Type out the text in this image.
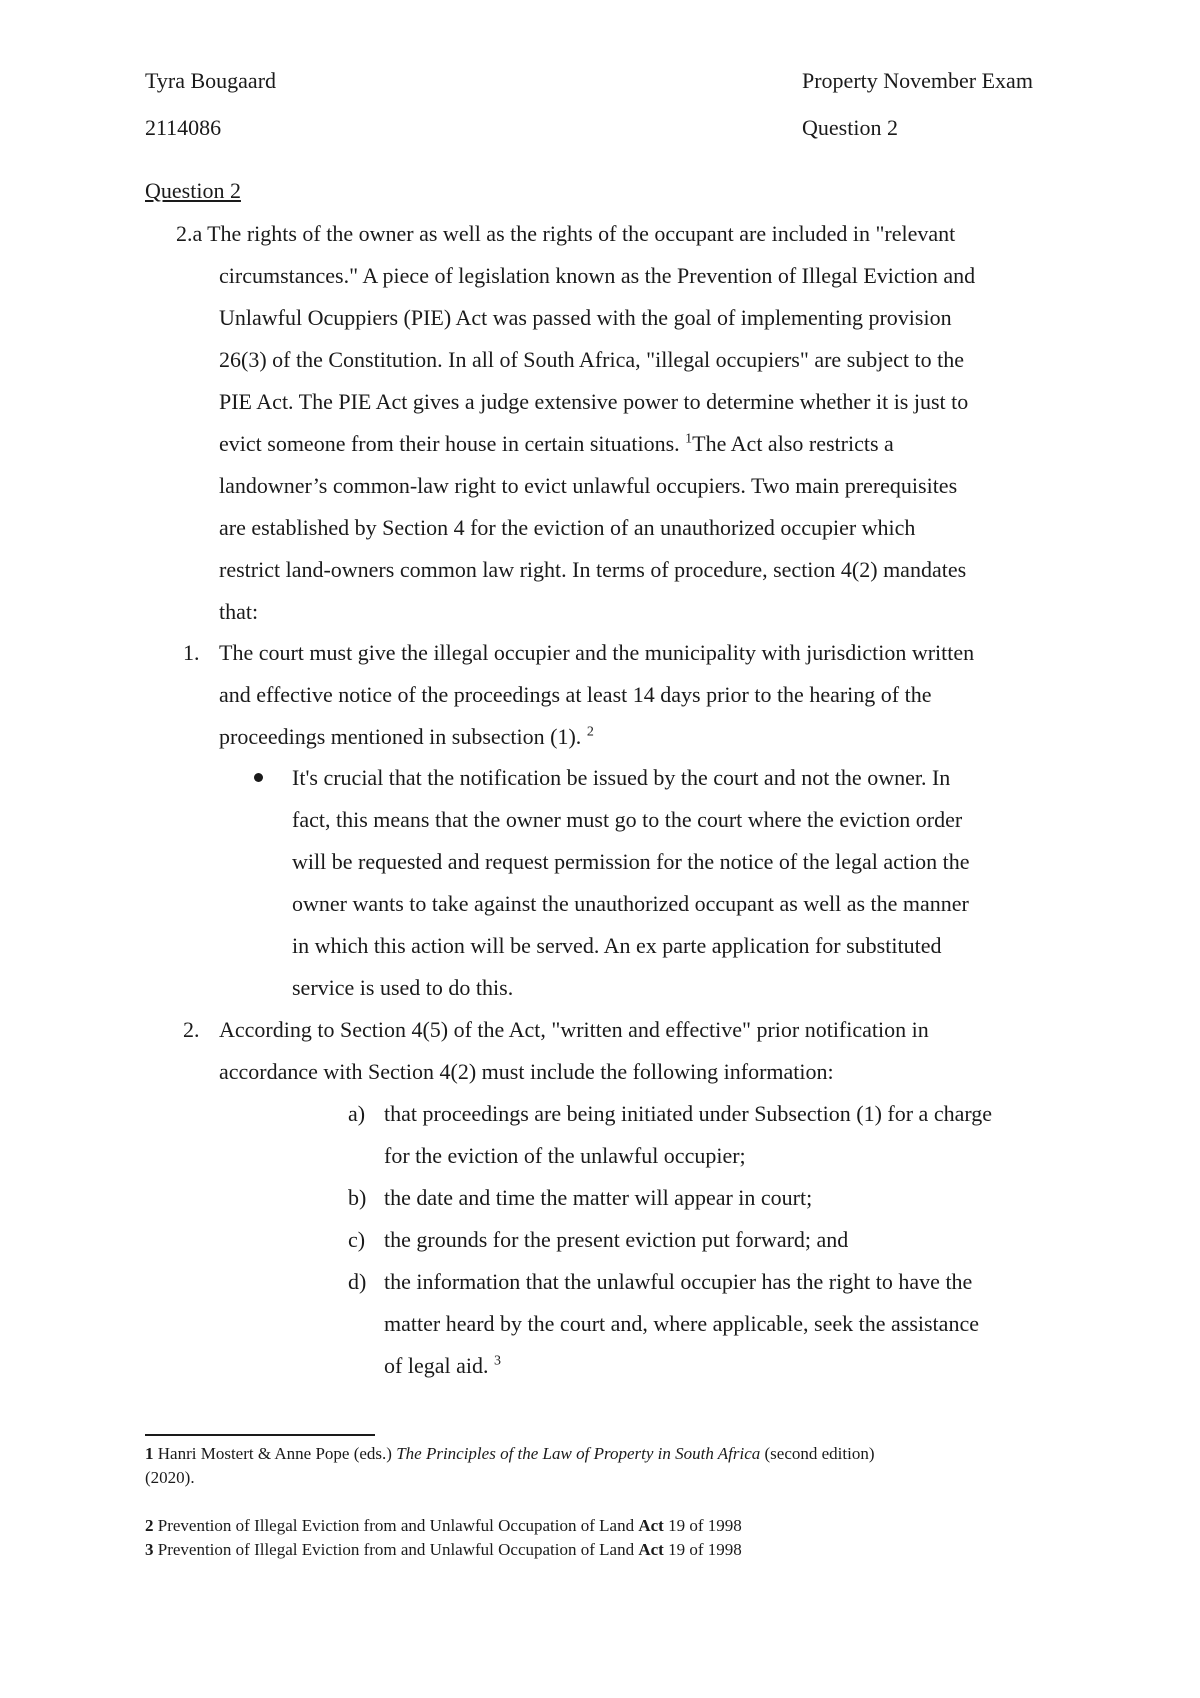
Tyra Bougaard
2114086
Property November Exam
Question 2
Question 2
2.a The rights of the owner as well as the rights of the occupant are included in "relevant
circumstances." A piece of legislation known as the Prevention of Illegal Eviction and
Unlawful Ocuppiers (PIE) Act was passed with the goal of implementing provision
26(3) of the Constitution. In all of South Africa, "illegal occupiers" are subject to the
PIE Act. The PIE Act gives a judge extensive power to determine whether it is just to
evict someone from their house in certain situations. $^1$The Act also restricts a
landowner’s common-law right to evict unlawful occupiers. Two main prerequisites
are established by Section 4 for the eviction of an unauthorized occupier which
restrict land-owners common law right. In terms of procedure, section 4(2) mandates
that:
1. The court must give the illegal occupier and the municipality with jurisdiction written
and effective notice of the proceedings at least 14 days prior to the hearing of the
proceedings mentioned in subsection (1). $^2$
It's crucial that the notification be issued by the court and not the owner. In
fact, this means that the owner must go to the court where the eviction order
will be requested and request permission for the notice of the legal action the
owner wants to take against the unauthorized occupant as well as the manner
in which this action will be served. An ex parte application for substituted
service is used to do this.
2. According to Section 4(5) of the Act, "written and effective" prior notification in
accordance with Section 4(2) must include the following information:
a) that proceedings are being initiated under Subsection (1) for a charge
for the eviction of the unlawful occupier;
b) the date and time the matter will appear in court;
c) the grounds for the present eviction put forward; and
d) the information that the unlawful occupier has the right to have the
matter heard by the court and, where applicable, seek the assistance
of legal aid. $^3$
1 Hanri Mostert & Anne Pope (eds.) The Principles of the Law of Property in South Africa (second edition)
(2020).
2 Prevention of Illegal Eviction from and Unlawful Occupation of Land Act 19 of 1998
3 Prevention of Illegal Eviction from and Unlawful Occupation of Land Act 19 of 1998
